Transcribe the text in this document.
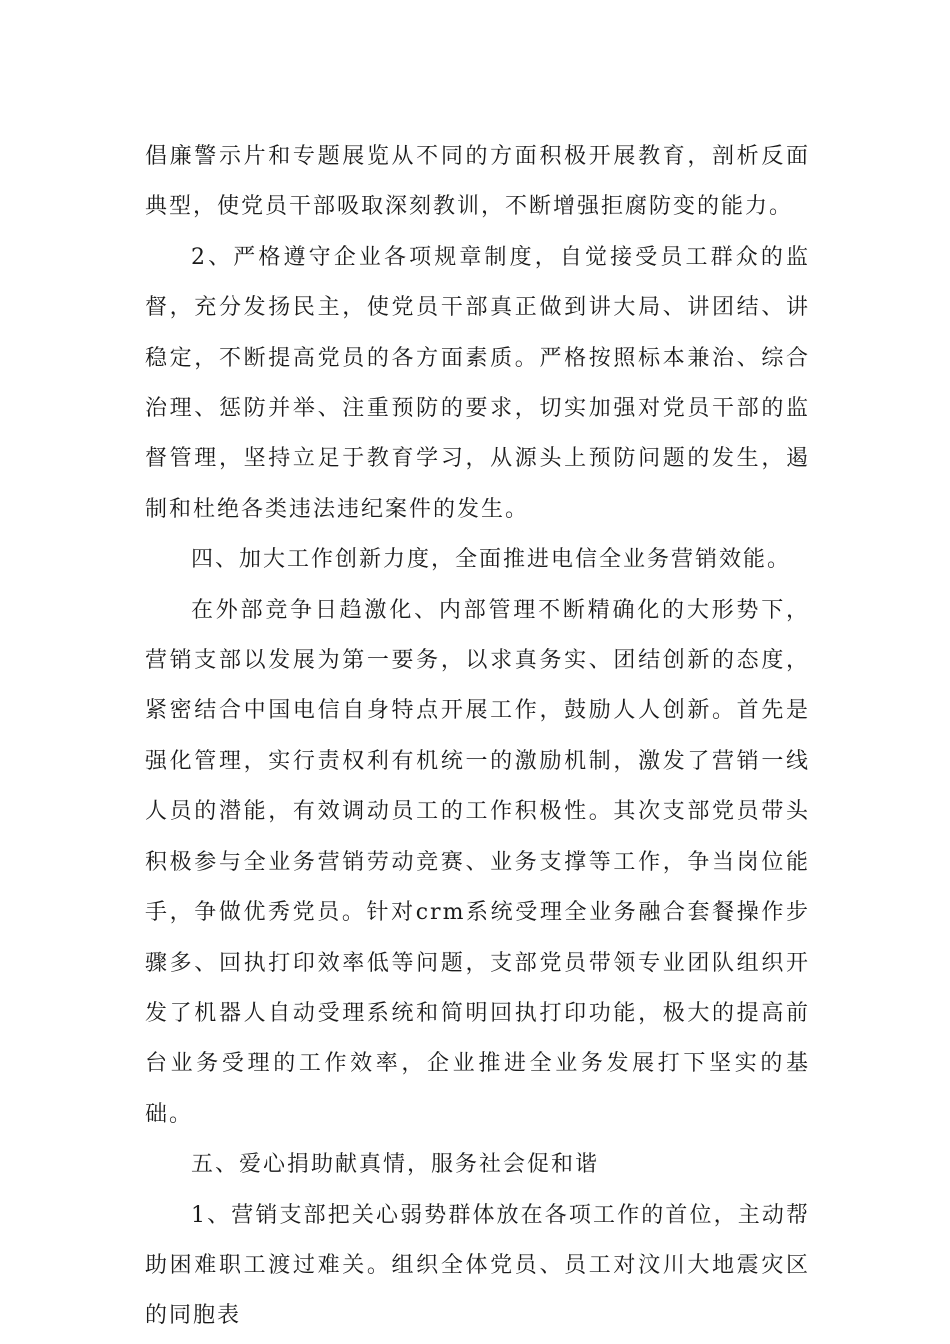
倡廉警示片和专题展览从不同的方面积极开展教育，剖析反面典型，使党员干部吸取深刻教训，不断增强拒腐防变的能力。

2、严格遵守企业各项规章制度，自觉接受员工群众的监督，充分发扬民主，使党员干部真正做到讲大局、讲团结、讲稳定，不断提高党员的各方面素质。严格按照标本兼治、综合治理、惩防并举、注重预防的要求，切实加强对党员干部的监督管理，坚持立足于教育学习，从源头上预防问题的发生，遏制和杜绝各类违法违纪案件的发生。

四、加大工作创新力度，全面推进电信全业务营销效能。

在外部竞争日趋激化、内部管理不断精确化的大形势下，营销支部以发展为第一要务，以求真务实、团结创新的态度，紧密结合中国电信自身特点开展工作，鼓励人人创新。首先是强化管理，实行责权利有机统一的激励机制，激发了营销一线人员的潜能，有效调动员工的工作积极性。其次支部党员带头积极参与全业务营销劳动竞赛、业务支撑等工作，争当岗位能手，争做优秀党员。针对crm系统受理全业务融合套餐操作步骤多、回执打印效率低等问题，支部党员带领专业团队组织开发了机器人自动受理系统和简明回执打印功能，极大的提高前台业务受理的工作效率，企业推进全业务发展打下坚实的基础。

五、爱心捐助献真情，服务社会促和谐

1、营销支部把关心弱势群体放在各项工作的首位，主动帮助困难职工渡过难关。组织全体党员、员工对汶川大地震灾区的同胞表
